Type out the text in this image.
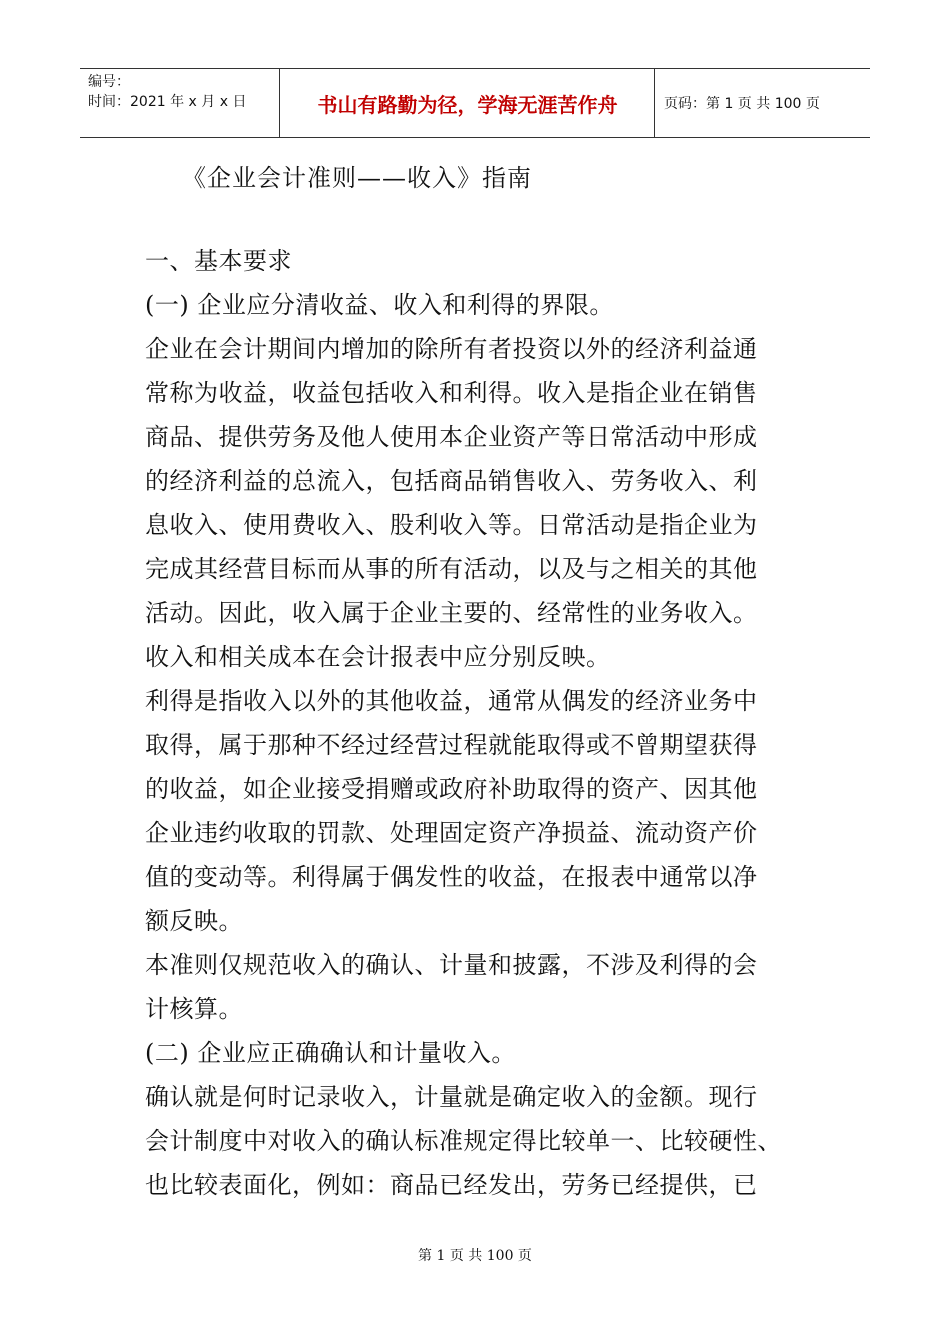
编号：
时间：2021 年 x 月 x 日	书山有路勤为径，学海无涯苦作舟	页码：第 1 页 共 100 页
《企业会计准则——收入》指南
一、基本要求
(一) 企业应分清收益、收入和利得的界限。
企业在会计期间内增加的除所有者投资以外的经济利益通
常称为收益，收益包括收入和利得。收入是指企业在销售
商品、提供劳务及他人使用本企业资产等日常活动中形成
的经济利益的总流入，包括商品销售收入、劳务收入、利
息收入、使用费收入、股利收入等。日常活动是指企业为
完成其经营目标而从事的所有活动，以及与之相关的其他
活动。因此，收入属于企业主要的、经常性的业务收入。
收入和相关成本在会计报表中应分别反映。
利得是指收入以外的其他收益，通常从偶发的经济业务中
取得，属于那种不经过经营过程就能取得或不曾期望获得
的收益，如企业接受捐赠或政府补助取得的资产、因其他
企业违约收取的罚款、处理固定资产净损益、流动资产价
值的变动等。利得属于偶发性的收益，在报表中通常以净
额反映。
本准则仅规范收入的确认、计量和披露，不涉及利得的会
计核算。
(二) 企业应正确确认和计量收入。
确认就是何时记录收入，计量就是确定收入的金额。现行
会计制度中对收入的确认标准规定得比较单一、比较硬性、
也比较表面化，例如：商品已经发出，劳务已经提供，已
第 1 页 共 100 页
